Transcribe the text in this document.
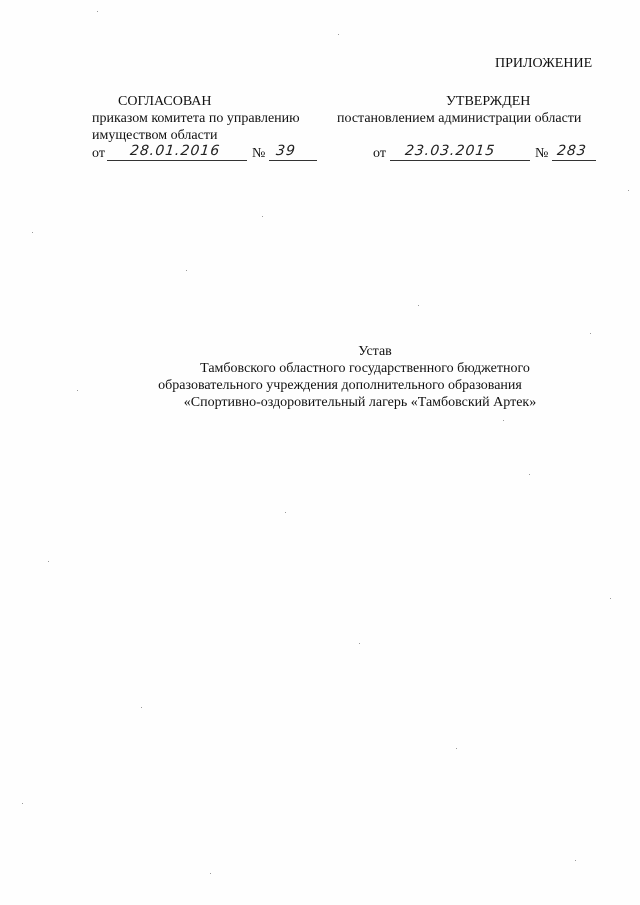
ПРИЛОЖЕНИЕ
СОГЛАСОВАН
приказом комитета по управлению
имуществом области
от 28.01.2016 № 39
УТВЕРЖДЕН
постановлением администрации области
от 23.03.2015	№ 283
Устав
Тамбовского областного государственного бюджетного
образовательного учреждения дополнительного образования
«Спортивно-оздоровительный лагерь «Тамбовский Артек»
